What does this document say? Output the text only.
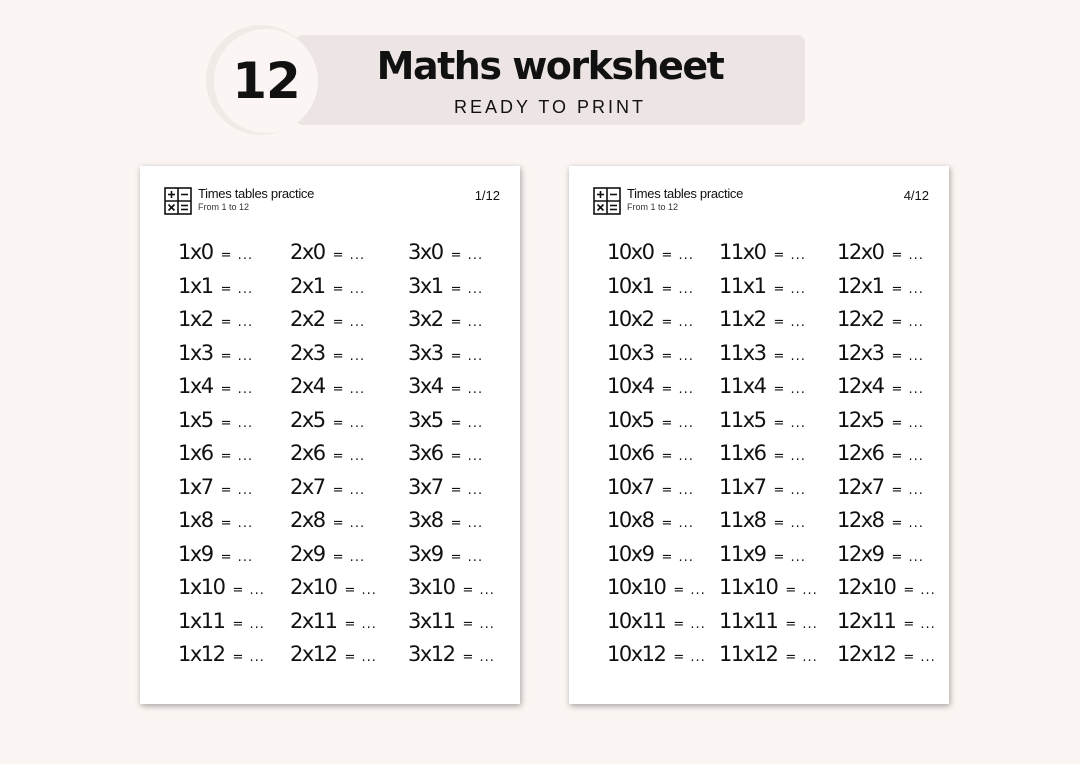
12	Maths worksheet
READY TO PRINT
Times tables practice
From 1 to 12
1/12
1x0 = ...
1x1 = ...
1x2 = ...
1x3 = ...
1x4 = ...
1x5 = ...
1x6 = ...
1x7 = ...
1x8 = ...
1x9 = ...
1x10 = ...
1x11 = ...
1x12 = ...
2x0 = ...
2x1 = ...
2x2 = ...
2x3 = ...
2x4 = ...
2x5 = ...
2x6 = ...
2x7 = ...
2x8 = ...
2x9 = ...
2x10 = ...
2x11 = ...
2x12 = ...
3x0 = ...
3x1 = ...
3x2 = ...
3x3 = ...
3x4 = ...
3x5 = ...
3x6 = ...
3x7 = ...
3x8 = ...
3x9 = ...
3x10 = ...
3x11 = ...
3x12 = ...
Times tables practice
From 1 to 12
4/12
10x0 = ...
10x1 = ...
10x2 = ...
10x3 = ...
10x4 = ...
10x5 = ...
10x6 = ...
10x7 = ...
10x8 = ...
10x9 = ...
10x10 = ...
10x11 = ...
10x12 = ...
11x0 = ...
11x1 = ...
11x2 = ...
11x3 = ...
11x4 = ...
11x5 = ...
11x6 = ...
11x7 = ...
11x8 = ...
11x9 = ...
11x10 = ...
11x11 = ...
11x12 = ...
12x0 = ...
12x1 = ...
12x2 = ...
12x3 = ...
12x4 = ...
12x5 = ...
12x6 = ...
12x7 = ...
12x8 = ...
12x9 = ...
12x10 = ...
12x11 = ...
12x12 = ...
